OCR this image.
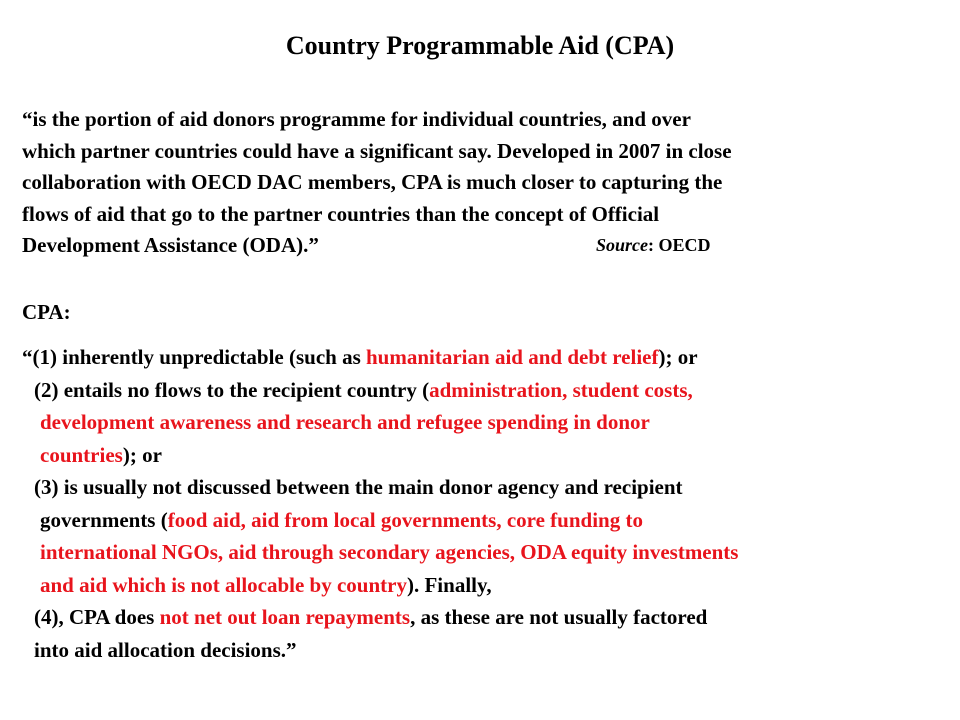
Country Programmable Aid (CPA)
“is the portion of aid donors programme for individual countries, and over
which partner countries could have a significant say. Developed in 2007 in close
collaboration with OECD DAC members, CPA is much closer to capturing the
flows of aid that go to the partner countries than the concept of Official
Development Assistance (ODA).”	Source: OECD
CPA:
“(1) inherently unpredictable (such as humanitarian aid and debt relief); or
(2) entails no flows to the recipient country (administration, student costs,
development awareness and research and refugee spending in donor
countries); or
(3) is usually not discussed between the main donor agency and recipient
governments (food aid, aid from local governments, core funding to
international NGOs, aid through secondary agencies, ODA equity investments
and aid which is not allocable by country). Finally,
(4), CPA does not net out loan repayments, as these are not usually factored
into aid allocation decisions.”
